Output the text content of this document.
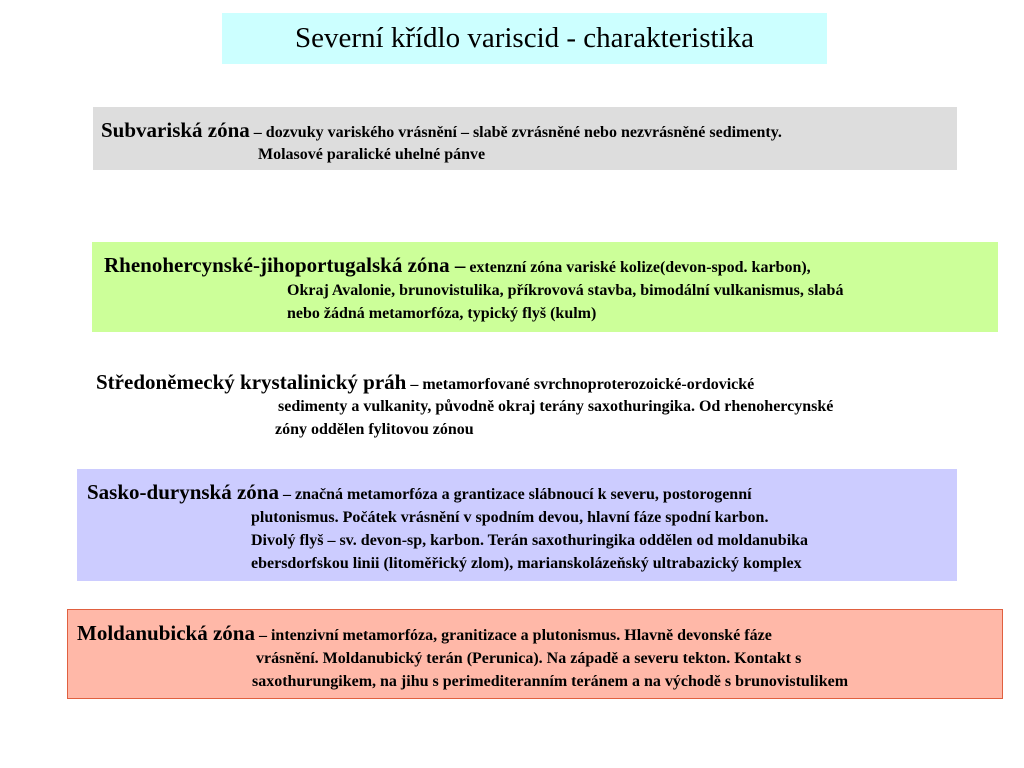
Severní křídlo variscid - charakteristika
Subvariská zóna – dozvuky variského vrásnění – slabě zvrásněné nebo nezvrásněné sedimenty.
Molasové paralické uhelné pánve
Rhenohercynské-jihoportugalská zóna – extenzní zóna variské kolize(devon-spod. karbon),
Okraj Avalonie, brunovistulika, příkrovová stavba, bimodální vulkanismus, slabá
nebo žádná metamorfóza, typický flyš (kulm)
Středoněmecký krystalinický práh – metamorfované svrchnoproterozoické-ordovické
sedimenty a vulkanity, původně okraj terány saxothuringika. Od rhenohercynské
zóny oddělen fylitovou zónou
Sasko-durynská zóna – značná metamorfóza a grantizace slábnoucí k severu, postorogenní
plutonismus. Počátek vrásnění v spodním devou, hlavní fáze spodní karbon.
Divolý flyš – sv. devon-sp, karbon. Terán saxothuringika oddělen od moldanubika
ebersdorfskou linii (litoměřický zlom), marianskolázeňský ultrabazický komplex
Moldanubická zóna – intenzivní metamorfóza, granitizace a plutonismus. Hlavně devonské fáze
vrásnění. Moldanubický terán (Perunica). Na západě a severu tekton. Kontakt s
saxothurungikem, na jihu s perimediteranním teránem a na východě s brunovistulikem
